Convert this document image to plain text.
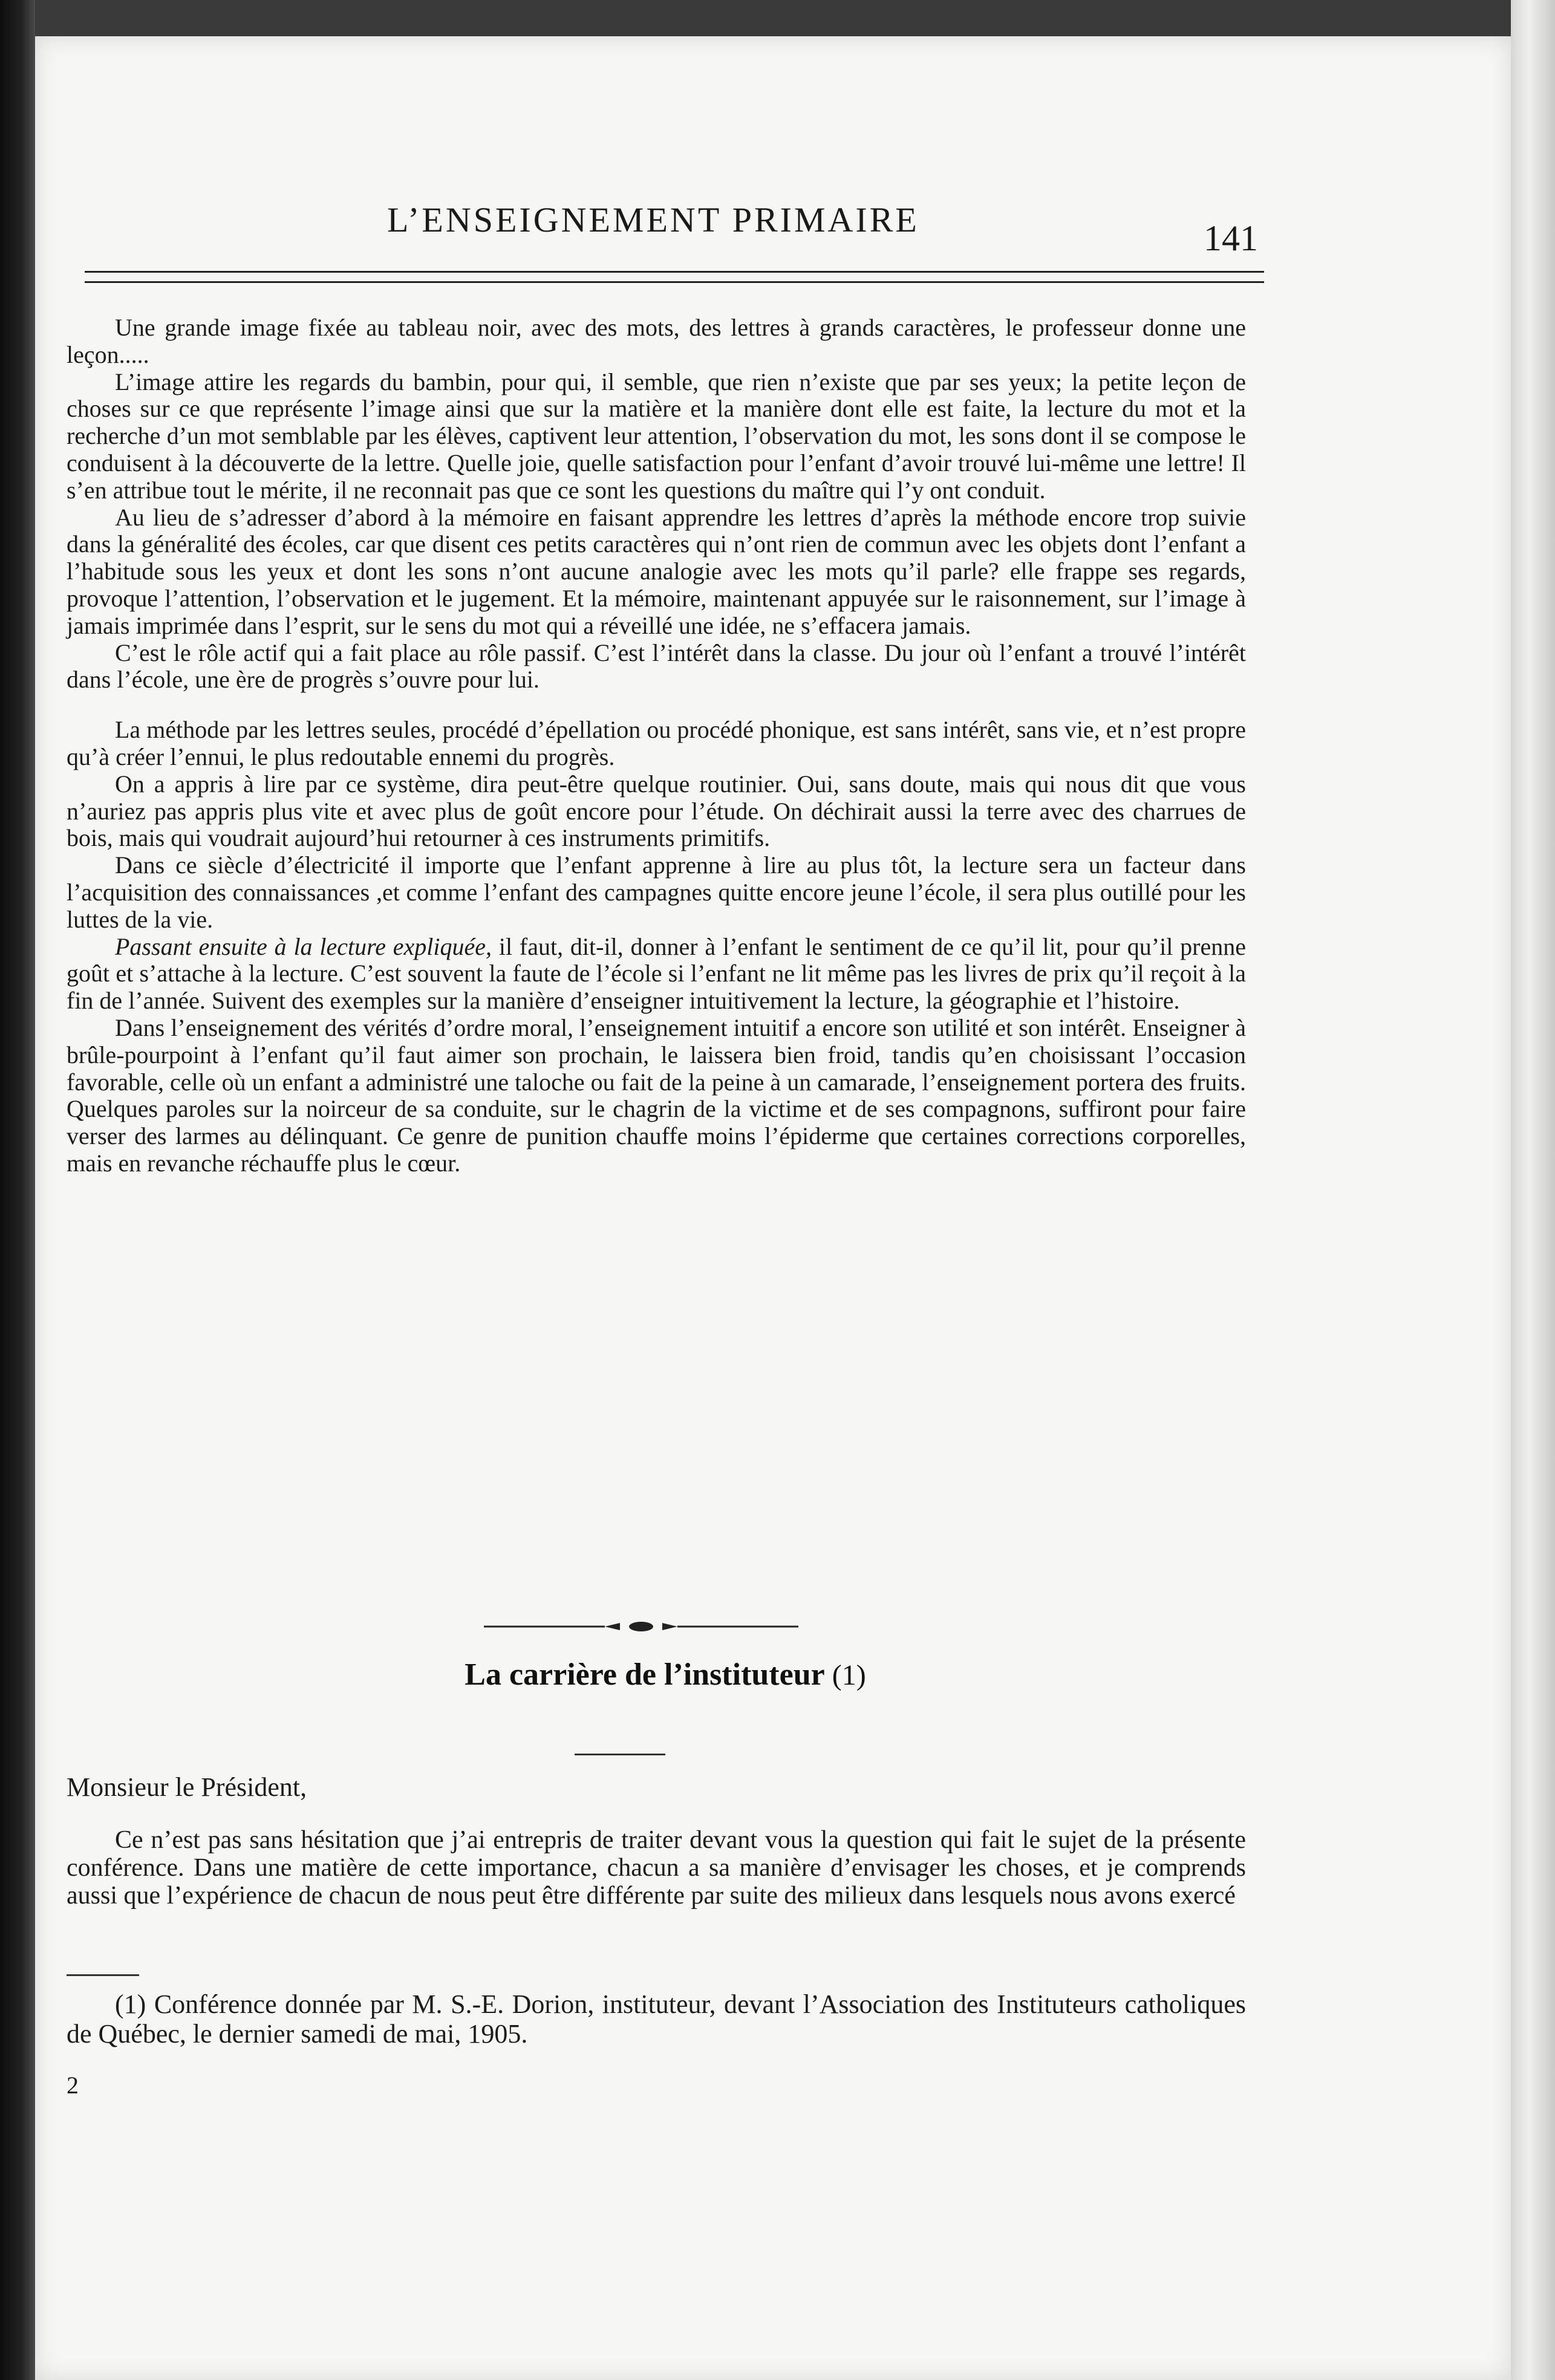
L’ENSEIGNEMENT PRIMAIRE	141

Une grande image fixée au tableau noir, avec des mots, des lettres à grands caractères, le professeur donne une leçon.....

L’image attire les regards du bambin, pour qui, il semble, que rien n’existe que par ses yeux; la petite leçon de choses sur ce que représente l’image ainsi que sur la matière et la manière dont elle est faite, la lecture du mot et la recherche d’un mot semblable par les élèves, captivent leur attention, l’observation du mot, les sons dont il se compose le conduisent à la découverte de la lettre. Quelle joie, quelle satisfaction pour l’enfant d’avoir trouvé lui-même une lettre! Il s’en attribue tout le mérite, il ne reconnait pas que ce sont les questions du maître qui l’y ont conduit.

Au lieu de s’adresser d’abord à la mémoire en faisant apprendre les lettres d’après la méthode encore trop suivie dans la généralité des écoles, car que disent ces petits caractères qui n’ont rien de commun avec les objets dont l’enfant a l’habitude sous les yeux et dont les sons n’ont aucune analogie avec les mots qu’il parle? elle frappe ses regards, provoque l’attention, l’observation et le jugement. Et la mémoire, maintenant appuyée sur le raisonnement, sur l’image à jamais imprimée dans l’esprit, sur le sens du mot qui a réveillé une idée, ne s’effacera jamais.

C’est le rôle actif qui a fait place au rôle passif. C’est l’intérêt dans la classe. Du jour où l’enfant a trouvé l’intérêt dans l’école, une ère de progrès s’ouvre pour lui.

La méthode par les lettres seules, procédé d’épellation ou procédé phonique, est sans intérêt, sans vie, et n’est propre qu’à créer l’ennui, le plus redoutable ennemi du progrès.

On a appris à lire par ce système, dira peut-être quelque routinier. Oui, sans doute, mais qui nous dit que vous n’auriez pas appris plus vite et avec plus de goût encore pour l’étude. On déchirait aussi la terre avec des charrues de bois, mais qui voudrait aujourd’hui retourner à ces instruments primitifs.

Dans ce siècle d’électricité il importe que l’enfant apprenne à lire au plus tôt, la lecture sera un facteur dans l’acquisition des connaissances ,et comme l’enfant des campagnes quitte encore jeune l’école, il sera plus outillé pour les luttes de la vie.

Passant ensuite à la lecture expliquée, il faut, dit-il, donner à l’enfant le sentiment de ce qu’il lit, pour qu’il prenne goût et s’attache à la lecture. C’est souvent la faute de l’école si l’enfant ne lit même pas les livres de prix qu’il reçoit à la fin de l’année. Suivent des exemples sur la manière d’enseigner intuitivement la lecture, la géographie et l’histoire.

Dans l’enseignement des vérités d’ordre moral, l’enseignement intuitif a encore son utilité et son intérêt. Enseigner à brûle-pourpoint à l’enfant qu’il faut aimer son prochain, le laissera bien froid, tandis qu’en choisissant l’occasion favorable, celle où un enfant a administré une taloche ou fait de la peine à un camarade, l’enseignement portera des fruits. Quelques paroles sur la noirceur de sa conduite, sur le chagrin de la victime et de ses compagnons, suffiront pour faire verser des larmes au délinquant. Ce genre de punition chauffe moins l’épiderme que certaines corrections corporelles, mais en revanche réchauffe plus le cœur.

La carrière de l’instituteur (1)
Monsieur le Président,

Ce n’est pas sans hésitation que j’ai entrepris de traiter devant vous la question qui fait le sujet de la présente conférence. Dans une matière de cette importance, chacun a sa manière d’envisager les choses, et je comprends aussi que l’expérience de chacun de nous peut être différente par suite des milieux dans lesquels nous avons exercé

(1) Conférence donnée par M. S.-E. Dorion, instituteur, devant l’Association des Instituteurs catholiques de Québec, le dernier samedi de mai, 1905.

2
